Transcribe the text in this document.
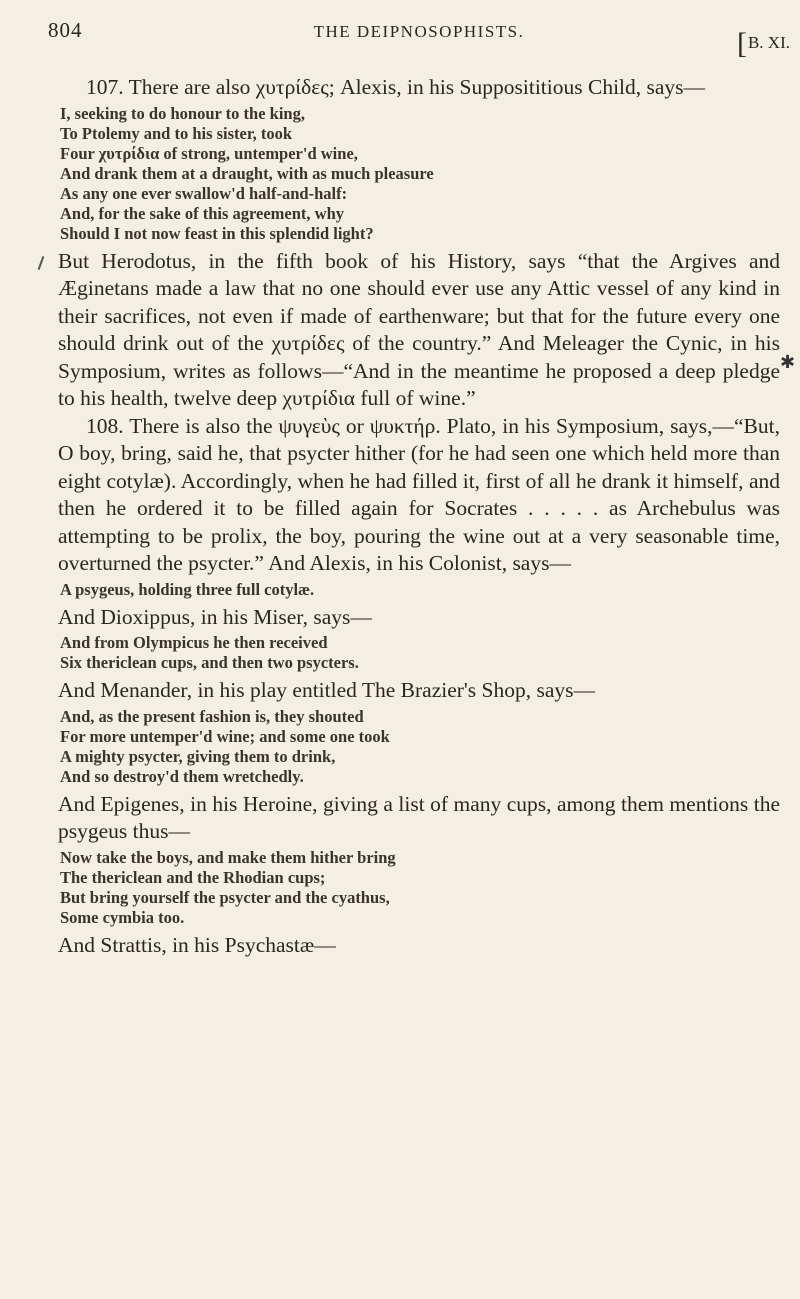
804	THE DEIPNOSOPHISTS.
[ B. XI.
✱

107. There are also χυτρίδες; Alexis, in his Supposititious Child, says—

I, seeking to do honour to the king,
To Ptolemy and to his sister, took
Four χυτρίδια of strong, untemper'd wine,
And drank them at a draught, with as much pleasure
As any one ever swallow'd half-and-half:
And, for the sake of this agreement, why
Should I not now feast in this splendid light?

But Herodotus, in the fifth book of his History, says “that the Argives and Æginetans made a law that no one should ever use any Attic vessel of any kind in their sacrifices, not even if made of earthenware; but that for the future every one should drink out of the χυτρίδες of the country.” And Meleager the Cynic, in his Symposium, writes as follows—“And in the meantime he proposed a deep pledge to his health, twelve deep χυτρίδια full of wine.”

108. There is also the ψυγεὺς or ψυκτήρ. Plato, in his Symposium, says,—“But, O boy, bring, said he, that psycter hither (for he had seen one which held more than eight cotylæ). Accordingly, when he had filled it, first of all he drank it himself, and then he ordered it to be filled again for Socrates . . . . . as Archebulus was attempting to be prolix, the boy, pouring the wine out at a very seasonable time, overturned the psycter.” And Alexis, in his Colonist, says—

A psygeus, holding three full cotylæ.

And Dioxippus, in his Miser, says—

And from Olympicus he then received
Six thericlean cups, and then two psycters.

And Menander, in his play entitled The Brazier's Shop, says—

And, as the present fashion is, they shouted
For more untemper'd wine; and some one took
A mighty psycter, giving them to drink,
And so destroy'd them wretchedly.

And Epigenes, in his Heroine, giving a list of many cups, among them mentions the psygeus thus—

Now take the boys, and make them hither bring
The thericlean and the Rhodian cups;
But bring yourself the psycter and the cyathus,
Some cymbia too.

And Strattis, in his Psychastæ—
